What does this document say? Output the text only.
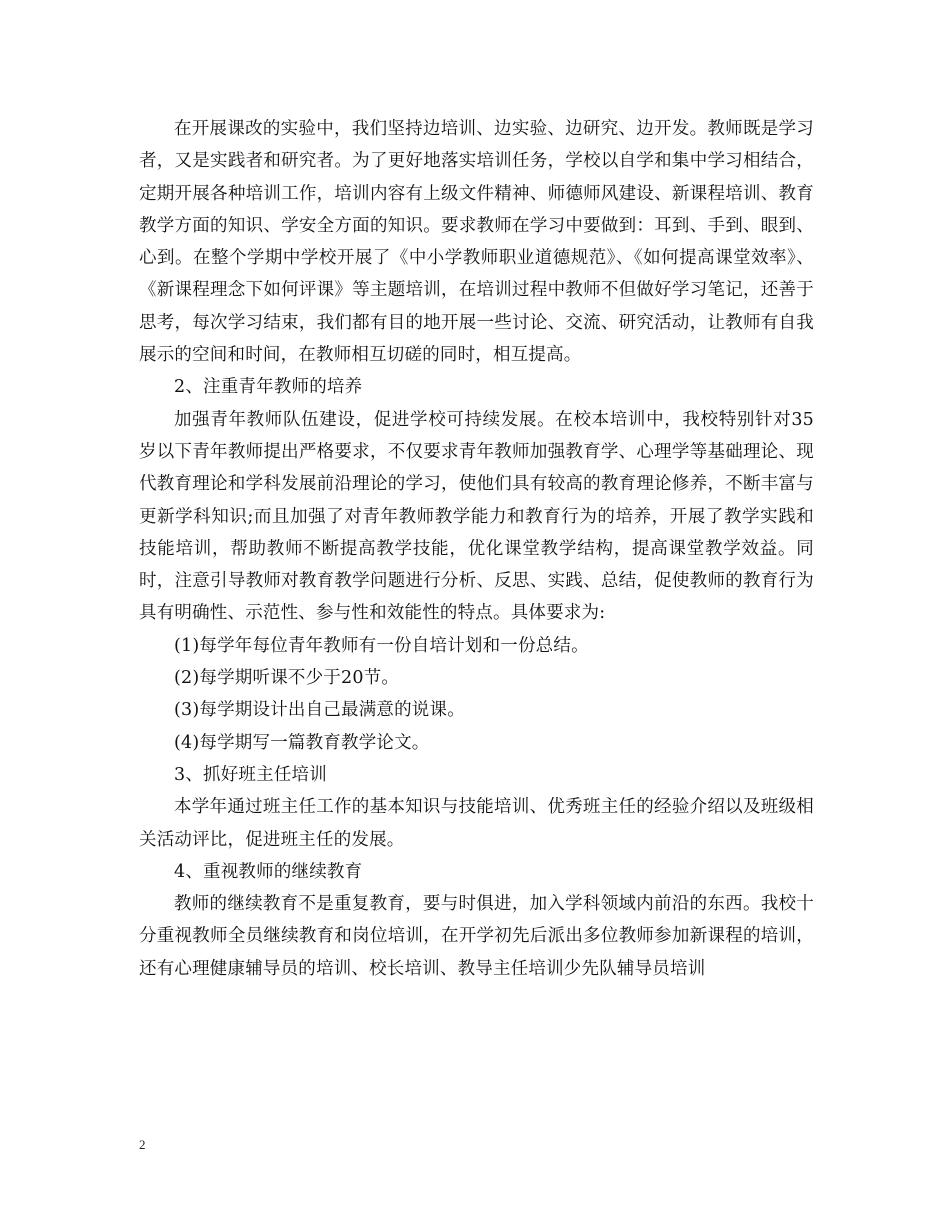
在开展课改的实验中，我们坚持边培训、边实验、边研究、边开发。教师既是学习者，又是实践者和研究者。为了更好地落实培训任务，学校以自学和集中学习相结合，定期开展各种培训工作，培训内容有上级文件精神、师德师风建设、新课程培训、教育教学方面的知识、学安全方面的知识。要求教师在学习中要做到：耳到、手到、眼到、心到。在整个学期中学校开展了《中小学教师职业道德规范》、《如何提高课堂效率》、《新课程理念下如何评课》等主题培训，在培训过程中教师不但做好学习笔记，还善于思考，每次学习结束，我们都有目的地开展一些讨论、交流、研究活动，让教师有自我展示的空间和时间，在教师相互切磋的同时，相互提高。

2、注重青年教师的培养

加强青年教师队伍建设，促进学校可持续发展。在校本培训中，我校特别针对35岁以下青年教师提出严格要求，不仅要求青年教师加强教育学、心理学等基础理论、现代教育理论和学科发展前沿理论的学习，使他们具有较高的教育理论修养，不断丰富与更新学科知识;而且加强了对青年教师教学能力和教育行为的培养，开展了教学实践和技能培训，帮助教师不断提高教学技能，优化课堂教学结构，提高课堂教学效益。同时，注意引导教师对教育教学问题进行分析、反思、实践、总结，促使教师的教育行为具有明确性、示范性、参与性和效能性的特点。具体要求为:

(1)每学年每位青年教师有一份自培计划和一份总结。

(2)每学期听课不少于20节。

(3)每学期设计出自己最满意的说课。

(4)每学期写一篇教育教学论文。

3、抓好班主任培训

本学年通过班主任工作的基本知识与技能培训、优秀班主任的经验介绍以及班级相关活动评比，促进班主任的发展。

4、重视教师的继续教育

教师的继续教育不是重复教育，要与时俱进，加入学科领域内前沿的东西。我校十分重视教师全员继续教育和岗位培训，在开学初先后派出多位教师参加新课程的培训，还有心理健康辅导员的培训、校长培训、教导主任培训少先队辅导员培训

2
